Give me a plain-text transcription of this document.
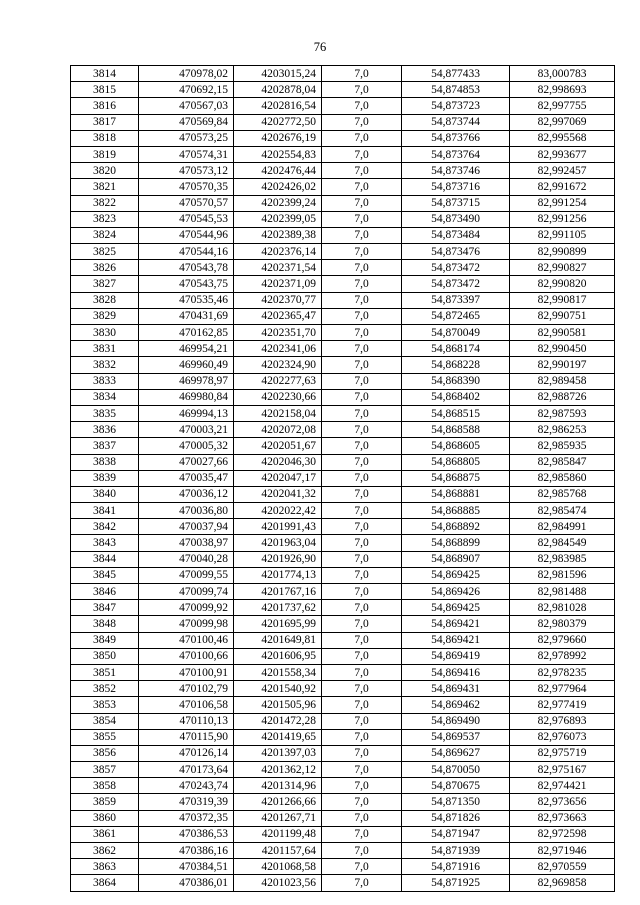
76
3814	470978,02	4203015,24	7,0	54,877433	83,000783
3815	470692,15	4202878,04	7,0	54,874853	82,998693
3816	470567,03	4202816,54	7,0	54,873723	82,997755
3817	470569,84	4202772,50	7,0	54,873744	82,997069
3818	470573,25	4202676,19	7,0	54,873766	82,995568
3819	470574,31	4202554,83	7,0	54,873764	82,993677
3820	470573,12	4202476,44	7,0	54,873746	82,992457
3821	470570,35	4202426,02	7,0	54,873716	82,991672
3822	470570,57	4202399,24	7,0	54,873715	82,991254
3823	470545,53	4202399,05	7,0	54,873490	82,991256
3824	470544,96	4202389,38	7,0	54,873484	82,991105
3825	470544,16	4202376,14	7,0	54,873476	82,990899
3826	470543,78	4202371,54	7,0	54,873472	82,990827
3827	470543,75	4202371,09	7,0	54,873472	82,990820
3828	470535,46	4202370,77	7,0	54,873397	82,990817
3829	470431,69	4202365,47	7,0	54,872465	82,990751
3830	470162,85	4202351,70	7,0	54,870049	82,990581
3831	469954,21	4202341,06	7,0	54,868174	82,990450
3832	469960,49	4202324,90	7,0	54,868228	82,990197
3833	469978,97	4202277,63	7,0	54,868390	82,989458
3834	469980,84	4202230,66	7,0	54,868402	82,988726
3835	469994,13	4202158,04	7,0	54,868515	82,987593
3836	470003,21	4202072,08	7,0	54,868588	82,986253
3837	470005,32	4202051,67	7,0	54,868605	82,985935
3838	470027,66	4202046,30	7,0	54,868805	82,985847
3839	470035,47	4202047,17	7,0	54,868875	82,985860
3840	470036,12	4202041,32	7,0	54,868881	82,985768
3841	470036,80	4202022,42	7,0	54,868885	82,985474
3842	470037,94	4201991,43	7,0	54,868892	82,984991
3843	470038,97	4201963,04	7,0	54,868899	82,984549
3844	470040,28	4201926,90	7,0	54,868907	82,983985
3845	470099,55	4201774,13	7,0	54,869425	82,981596
3846	470099,74	4201767,16	7,0	54,869426	82,981488
3847	470099,92	4201737,62	7,0	54,869425	82,981028
3848	470099,98	4201695,99	7,0	54,869421	82,980379
3849	470100,46	4201649,81	7,0	54,869421	82,979660
3850	470100,66	4201606,95	7,0	54,869419	82,978992
3851	470100,91	4201558,34	7,0	54,869416	82,978235
3852	470102,79	4201540,92	7,0	54,869431	82,977964
3853	470106,58	4201505,96	7,0	54,869462	82,977419
3854	470110,13	4201472,28	7,0	54,869490	82,976893
3855	470115,90	4201419,65	7,0	54,869537	82,976073
3856	470126,14	4201397,03	7,0	54,869627	82,975719
3857	470173,64	4201362,12	7,0	54,870050	82,975167
3858	470243,74	4201314,96	7,0	54,870675	82,974421
3859	470319,39	4201266,66	7,0	54,871350	82,973656
3860	470372,35	4201267,71	7,0	54,871826	82,973663
3861	470386,53	4201199,48	7,0	54,871947	82,972598
3862	470386,16	4201157,64	7,0	54,871939	82,971946
3863	470384,51	4201068,58	7,0	54,871916	82,970559
3864	470386,01	4201023,56	7,0	54,871925	82,969858
